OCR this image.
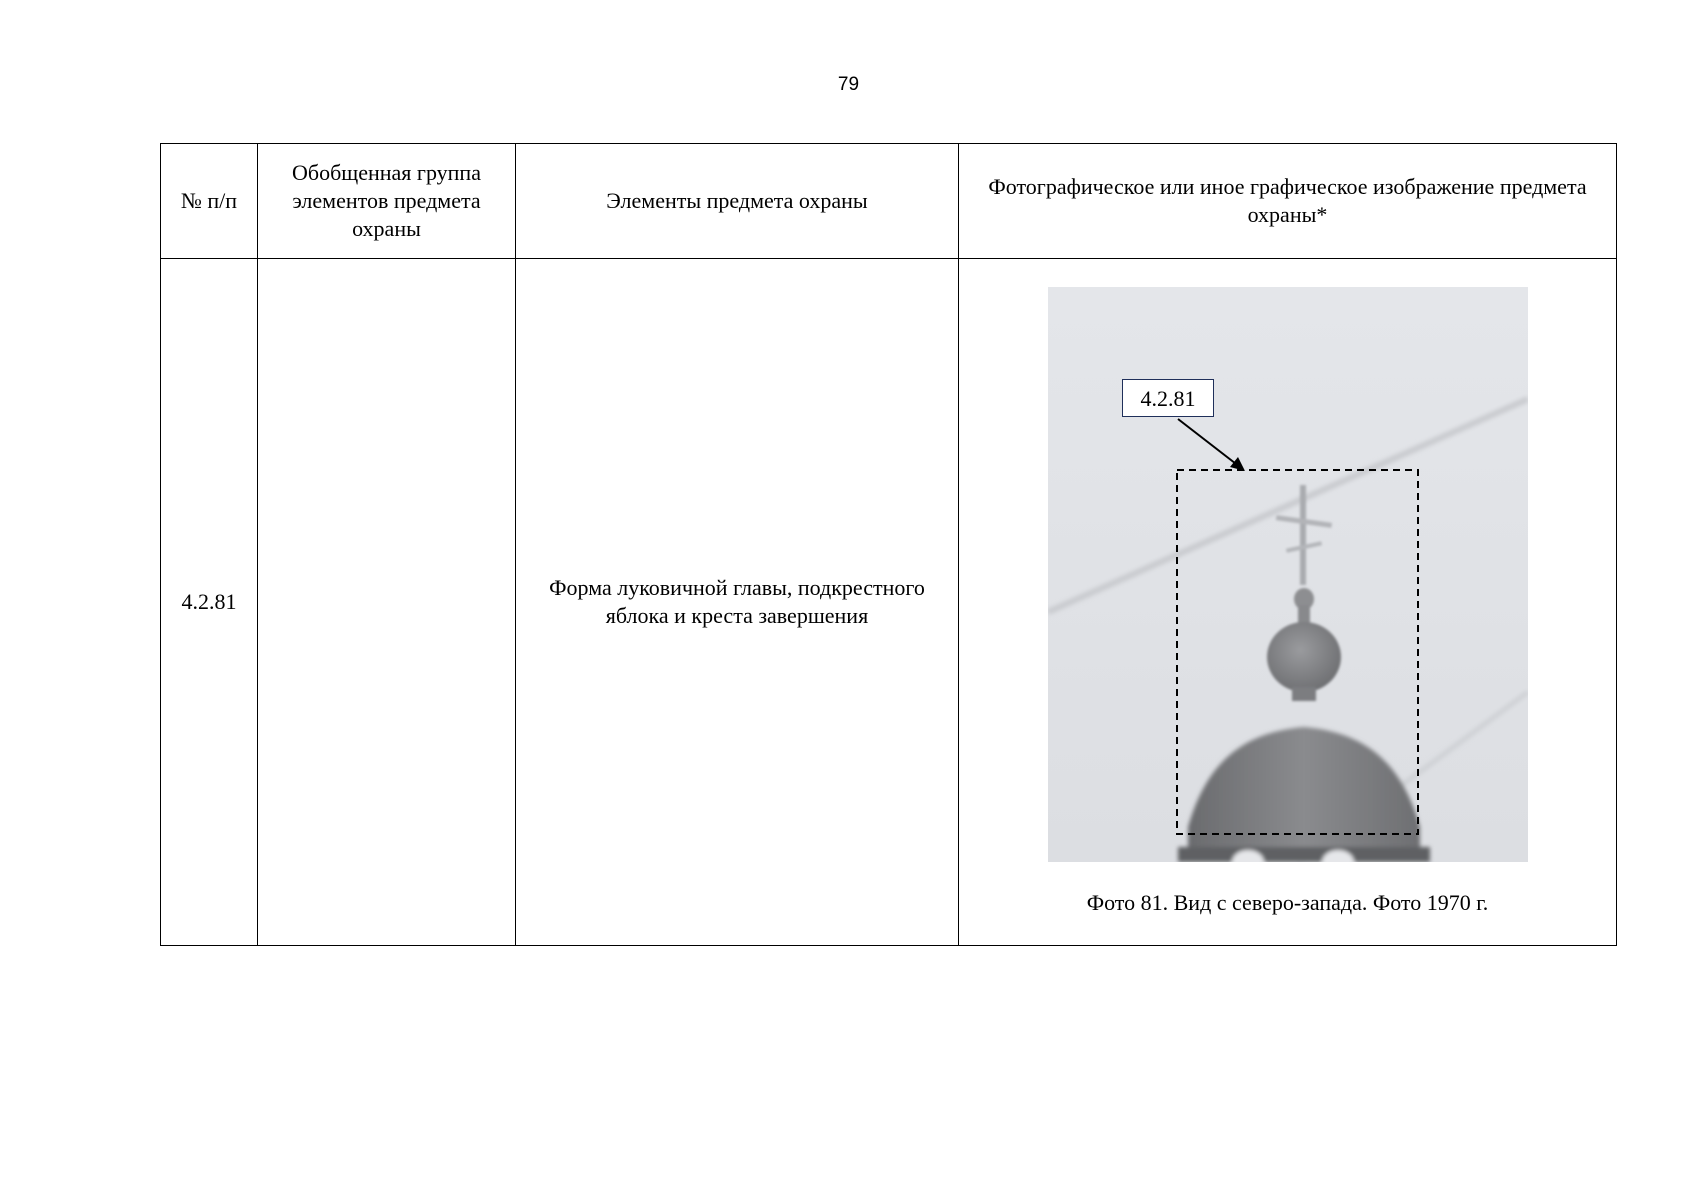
79
№ п/п	Обобщенная группа элементов предмета охраны	Элементы предмета охраны	Фотографическое или иное графическое изображение предмета охраны*
4.2.81		Форма луковичной главы, подкрестного яблока и креста завершения	4.2.81
Фото 81. Вид с северо-запада. Фото 1970 г.
